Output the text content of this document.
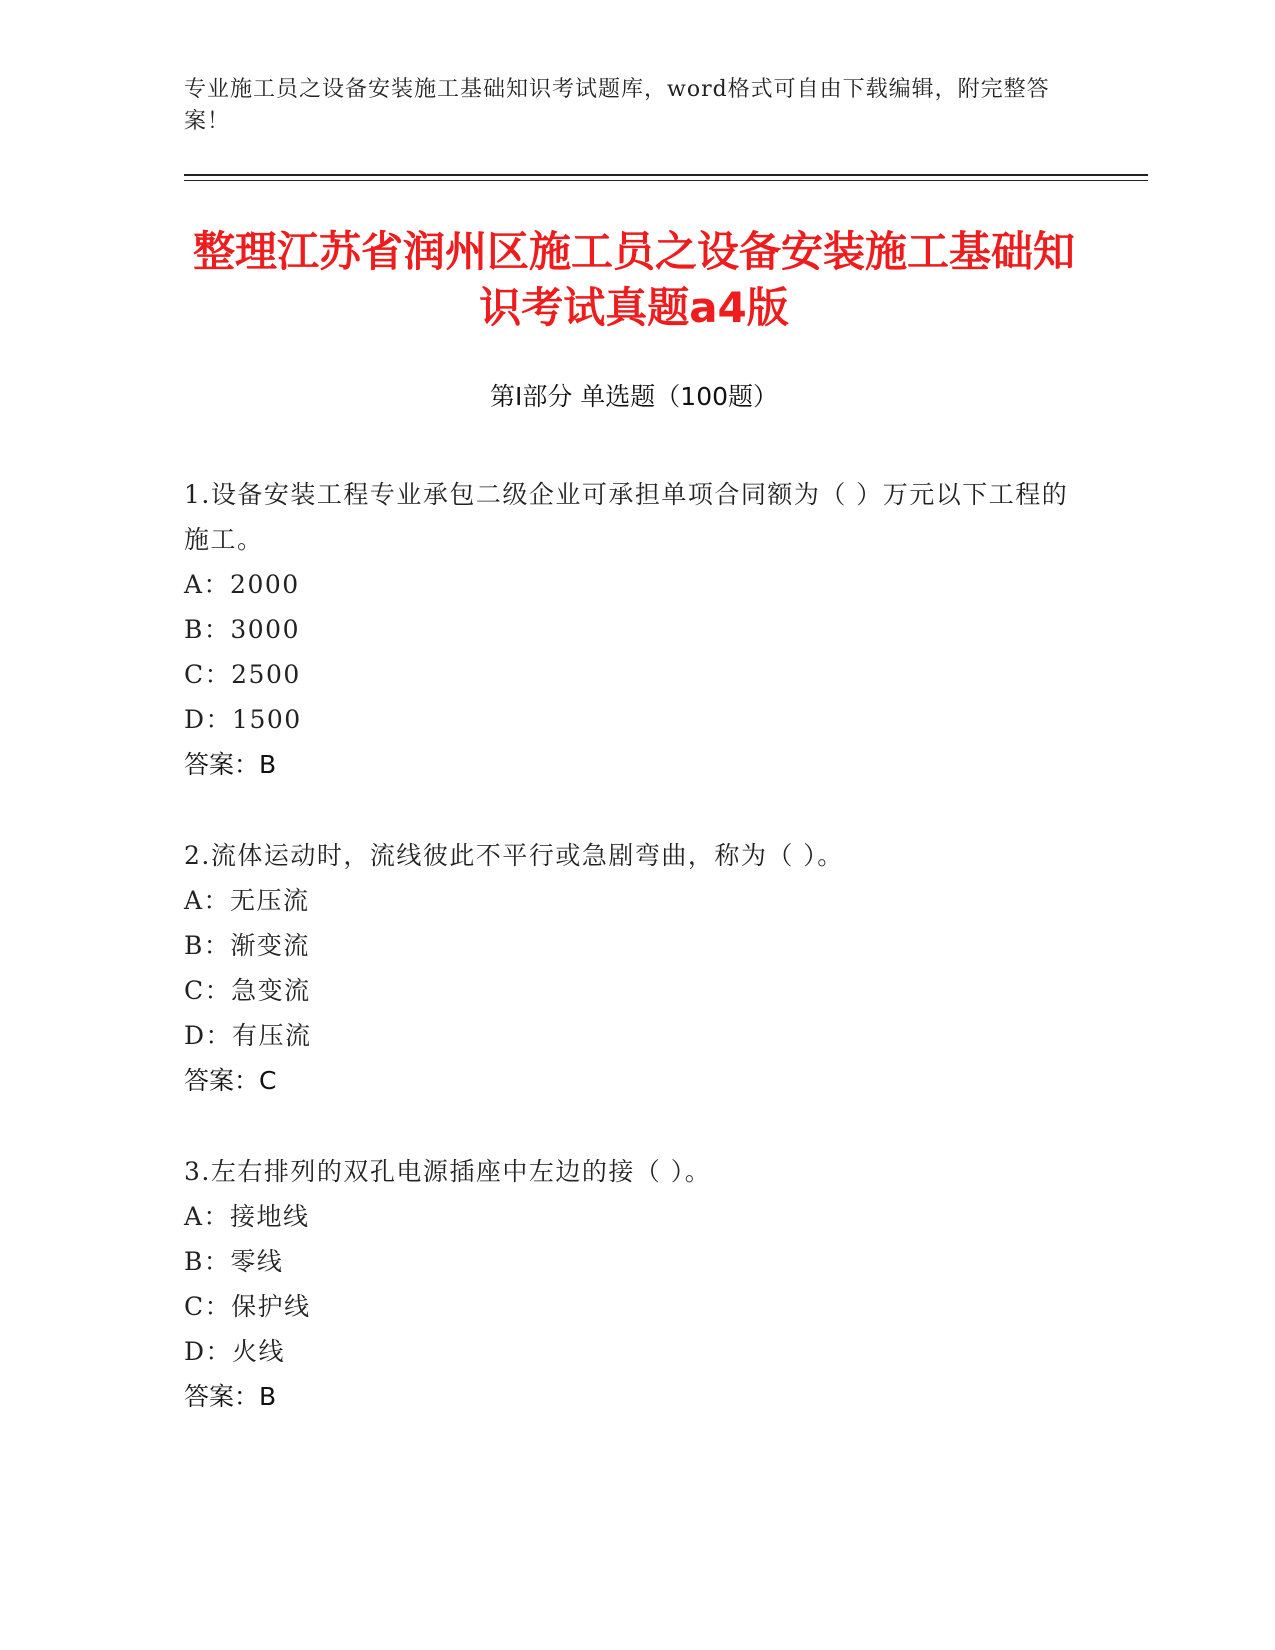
专业施工员之设备安装施工基础知识考试题库，word格式可自由下载编辑，附完整答案！
整理江苏省润州区施工员之设备安装施工基础知识考试真题a4版
第Ⅰ部分 单选题（100题）
1.设备安装工程专业承包二级企业可承担单项合同额为（ ）万元以下工程的施工。
A：2000
B：3000
C：2500
D：1500
答案：B
2.流体运动时，流线彼此不平行或急剧弯曲，称为（ ）。
A：无压流
B：渐变流
C：急变流
D：有压流
答案：C
3.左右排列的双孔电源插座中左边的接（ ）。
A：接地线
B：零线
C：保护线
D：火线
答案：B
